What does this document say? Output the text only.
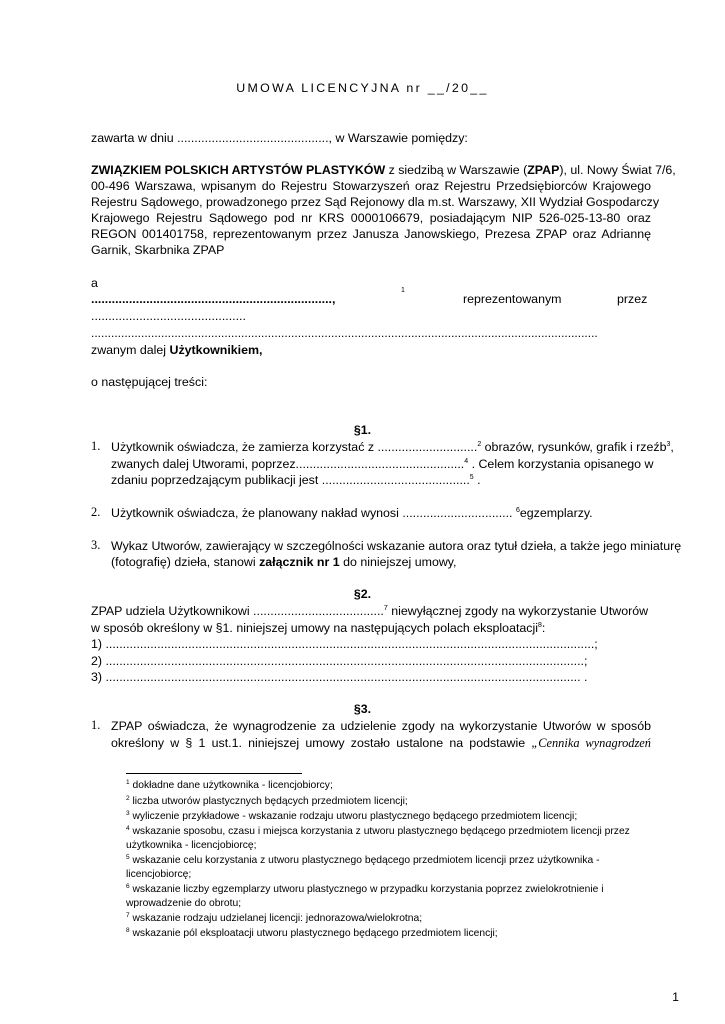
UMOWA LICENCYJNA nr __/20__
zawarta w dniu ............................................, w Warszawie pomiędzy:
ZWIĄZKIEM POLSKICH ARTYSTÓW PLASTYKÓW z siedzibą w Warszawie (ZPAP), ul. Nowy Świat 7/6,
00-496 Warszawa, wpisanym do Rejestru Stowarzyszeń oraz Rejestru Przedsiębiorców Krajowego
Rejestru Sądowego, prowadzonego przez Sąd Rejonowy dla m.st. Warszawy, XII Wydział Gospodarczy
Krajowego Rejestru Sądowego pod nr KRS 0000106679, posiadającym NIP 526-025-13-80 oraz
REGON 001401758, reprezentowanym przez Janusza Janowskiego, Prezesa ZPAP oraz Adriannę
Garnik, Skarbnika ZPAP
a
......................................................................,
1
reprezentowanym	przez
.............................................
........................................................................................................................................................
zwanym dalej Użytkownikiem,
o następującej treści:
§1.
1. Użytkownik oświadcza, że zamierza korzystać z .............................$^2$ obrazów, rysunków, grafik i rzeźb$^3$,
zwanych dalej Utworami, poprzez.................................................$^4$ . Celem korzystania opisanego w
zdaniu poprzedzającym publikacji jest ...........................................$^5$ .
2. Użytkownik oświadcza, że planowany nakład wynosi ................................ $^6$egzemplarzy.
3. Wykaz Utworów, zawierający w szczególności wskazanie autora oraz tytuł dzieła, a także jego miniaturę
(fotografię) dzieła, stanowi załącznik nr 1 do niniejszej umowy,
§2.
ZPAP udziela Użytkownikowi ......................................$^7$ niewyłącznej zgody na wykorzystanie Utworów
w sposób określony w §1. niniejszej umowy na następujących polach eksploatacji$^8$:
1) ..............................................................................................................................................;
2) ...........................................................................................................................................;
3) .......................................................................................................................................... .
§3.
1. ZPAP oświadcza, że wynagrodzenie za udzielenie zgody na wykorzystanie Utworów w sposób
określony w § 1 ust.1. niniejszej umowy zostało ustalone na podstawie „Cennika wynagrodzeń
$^1$ dokładne dane użytkownika - licencjobiorcy;
$^2$ liczba utworów plastycznych będących przedmiotem licencji;
$^3$ wyliczenie przykładowe - wskazanie rodzaju utworu plastycznego będącego przedmiotem licencji;
$^4$ wskazanie sposobu, czasu i miejsca korzystania z utworu plastycznego będącego przedmiotem licencji przez
użytkownika - licencjobiorcę;
$^5$ wskazanie celu korzystania z utworu plastycznego będącego przedmiotem licencji przez użytkownika -
licencjobiorcę;
$^6$ wskazanie liczby egzemplarzy utworu plastycznego w przypadku korzystania poprzez zwielokrotnienie i
wprowadzenie do obrotu;
$^7$ wskazanie rodzaju udzielanej licencji: jednorazowa/wielokrotna;
$^8$ wskazanie pól eksploatacji utworu plastycznego będącego przedmiotem licencji;
1
